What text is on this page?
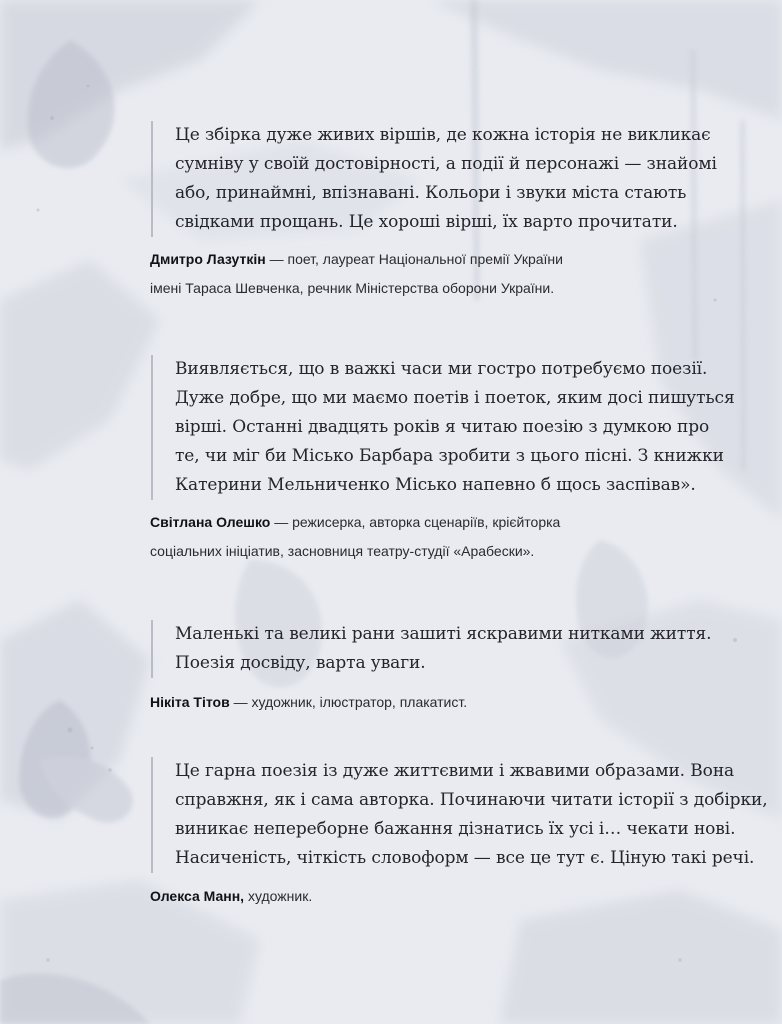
Це збірка дуже живих віршів, де кожна історія не викликає
сумніву у своїй достовірності, а події й персонажі — знайомі
або, принаймні, впізнавані. Кольори і звуки міста стають
свідками прощань. Це хороші вірші, їх варто прочитати.
Дмитро Лазуткін — поет, лауреат Національної премії України
імені Тараса Шевченка, речник Міністерства оборони України.
Виявляється, що в важкі часи ми гостро потребуємо поезії.
Дуже добре, що ми маємо поетів і поеток, яким досі пишуться
вірші. Останні двадцять років я читаю поезію з думкою про
те, чи міг би Місько Барбара зробити з цього пісні. З книжки
Катерини Мельниченко Місько напевно б щось заспівав».
Світлана Олешко — режисерка, авторка сценаріїв, крієйторка
соціальних ініціатив, засновниця театру-студії «Арабески».
Маленькі та великі рани зашиті яскравими нитками життя.
Поезія досвіду, варта уваги.
Нікіта Тітов — художник, ілюстратор, плакатист.
Це гарна поезія із дуже життєвими і жвавими образами. Вона
справжня, як і сама авторка. Починаючи читати історії з добірки,
виникає непереборне бажання дізнатись їх усі і… чекати нові.
Насиченість, чіткість словоформ — все це тут є. Ціную такі речі.
Олекса Манн, художник.
